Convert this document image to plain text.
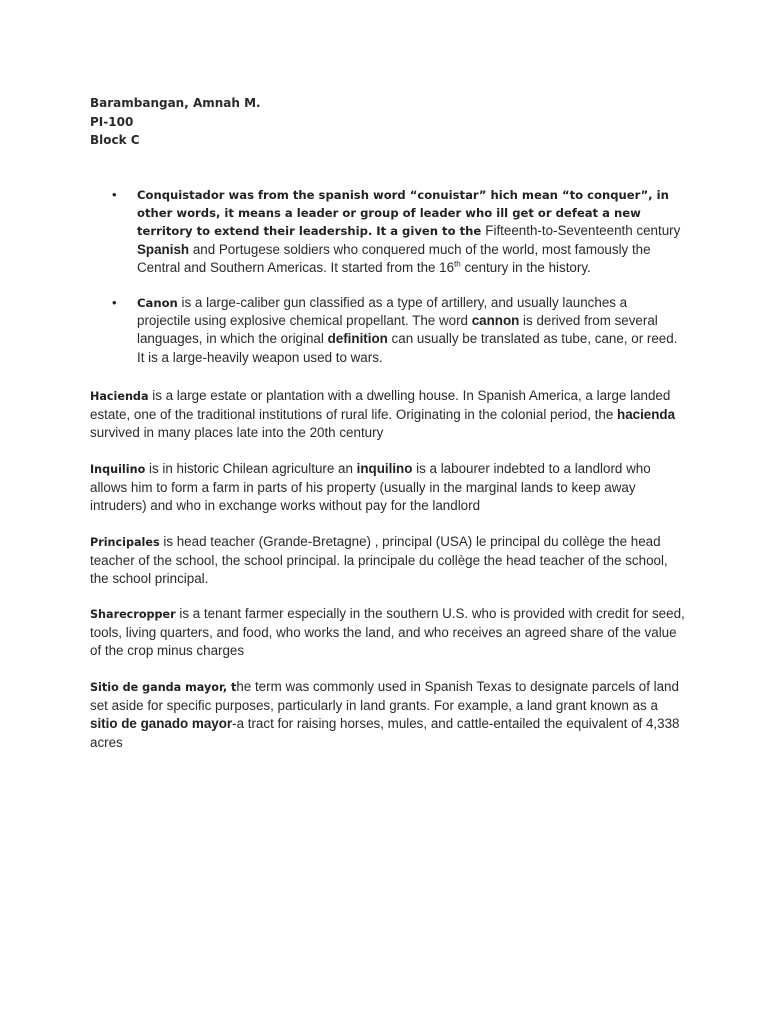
Barambangan, Amnah M.
PI-100
Block C
• Conquistador was from the spanish word “conuistar” hich mean “to conquer”, in other words, it means a leader or group of leader who ill get or defeat a new territory to extend their leadership. It a given to the Fifteenth-to-Seventeenth century Spanish and Portugese soldiers who conquered much of the world, most famously the Central and Southern Americas. It started from the 16th century in the history.
• Canon is a large-caliber gun classified as a type of artillery, and usually launches a projectile using explosive chemical propellant. The word cannon is derived from several languages, in which the original definition can usually be translated as tube, cane, or reed. It is a large-heavily weapon used to wars.

Hacienda is a large estate or plantation with a dwelling house. In Spanish America, a large landed estate, one of the traditional institutions of rural life. Originating in the colonial period, the hacienda survived in many places late into the 20th century

Inquilino is in historic Chilean agriculture an inquilino is a labourer indebted to a landlord who allows him to form a farm in parts of his property (usually in the marginal lands to keep away intruders) and who in exchange works without pay for the landlord

Principales is head teacher (Grande-Bretagne) , principal (USA) le principal du collège the head teacher of the school, the school principal. la principale du collège the head teacher of the school, the school principal.

Sharecropper is a tenant farmer especially in the southern U.S. who is provided with credit for seed, tools, living quarters, and food, who works the land, and who receives an agreed share of the value of the crop minus charges

Sitio de ganda mayor, the term was commonly used in Spanish Texas to designate parcels of land set aside for specific purposes, particularly in land grants. For example, a land grant known as a sitio de ganado mayor-a tract for raising horses, mules, and cattle-entailed the equivalent of 4,338 acres
